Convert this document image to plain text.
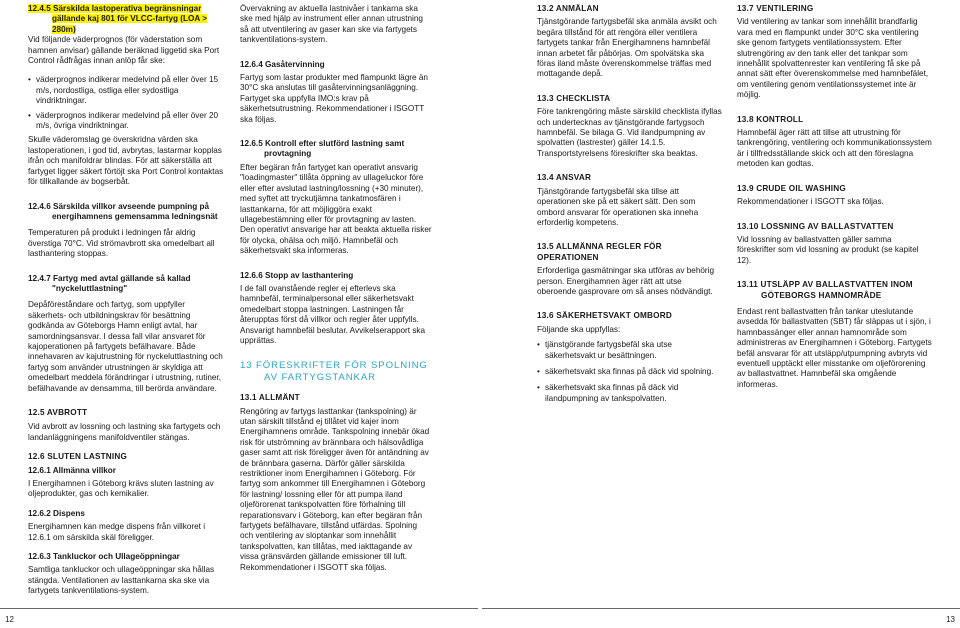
12.4.5 Särskilda lastoperativa begränsningar gällande kaj 801 för VLCC-fartyg (LOA > 280m)

Vid följande väderprognos (för väderstation som hamnen anvisar) gällande beräknad liggetid ska Port Control rådfrågas innan anlöp får ske:

• väderprognos indikerar medelvind på eller över 15 m/s, nordostliga, ostliga eller sydostliga vindriktningar.

• väderprognos indikerar medelvind på eller över 20 m/s, övriga vindriktningar.

Skulle väderomslag ge överskridna värden ska lastoperationen, i god tid, avbrytas, lastarmar kopplas ifrån och manifoldrar blindas. För att säkerställa att fartyget ligger säkert förtöjt ska Port Control kontaktas för tillkallande av bogserbåt.

12.4.6 Särskilda villkor avseende pumpning på energihamnens gemensamma ledningsnät

Temperaturen på produkt i ledningen får aldrig överstiga 70°C. Vid strömavbrott ska omedelbart all lasthantering stoppas.

12.4.7 Fartyg med avtal gällande så kallad "nyckeluttlastning"

Depåföreståndare och fartyg, som uppfyller säkerhets- och utbildningskrav för besättning godkända av Göteborgs Hamn enligt avtal, har samordningsansvar. I dessa fall vilar ansvaret för kajoperationen på fartygets befälhavare. Både innehavaren av kajutrustning för nyckeluttlastning och fartyg som använder utrustningen är skyldiga att omedelbart meddela förändringar i utrustning, rutiner, befälhavande av densamma, till berörda användare.

12.5 AVBROTT

Vid avbrott av lossning och lastning ska fartygets och landanläggningens manifoldventiler stängas.

12.6 SLUTEN LASTNING

12.6.1 Allmänna villkor

I Energihamnen i Göteborg krävs sluten lastning av oljeprodukter, gas och kemikalier.

12.6.2 Dispens

Energihamnen kan medge dispens från villkoret i 12.6.1 om särskilda skäl föreligger.

12.6.3 Tankluckor och Ullageöppningar

Samtliga tankluckor och ullageöppningar ska hållas stängda. Ventilationen av lasttankarna ska ske via fartygets tankventilations-system.

Övervakning av aktuella lastnivåer i tankarna ska ske med hjälp av instrument eller annan utrustning så att utventilering av gaser kan ske via fartygets tankventilations-system.

12.6.4 Gasåtervinning

Fartyg som lastar produkter med flampunkt lägre än 30°C ska anslutas till gasåtervinningsanläggning. Fartyget ska uppfylla IMO:s krav på säkerhetsutrustning. Rekommendationer i ISGOTT ska följas.

12.6.5 Kontroll efter slutförd lastning samt provtagning

Efter begäran från fartyget kan operativt ansvarig "loadingmaster" tillåta öppning av ullageluckor före eller efter avslutad lastning/lossning (+30 minuter), med syftet att tryckutjämna tankatmosfären i lasttankarna, för att möjliggöra exakt ullagebestämning eller för provtagning av lasten. Den operativt ansvarige har att beakta aktuella risker för olycka, ohälsa och miljö. Hamnbefäl och säkerhetsvakt ska informeras.

12.6.6 Stopp av lasthantering

I de fall ovanstående regler ej efterlevs ska hamnbefäl, terminalpersonal eller säkerhetsvakt omedelbart stoppa lastningen. Lastningen får återupptas först då villkor och regler åter uppfylls. Ansvarigt hamnbefäl beslutar. Avvikelserapport ska upprättas.

13 FÖRESKRIFTER FÖR SPOLNING AV FARTYGSTANKAR

13.1 ALLMÄNT

Rengöring av fartygs lasttankar (tankspolning) är utan särskilt tillstånd ej tillåtet vid kajer inom Energihamnens område. Tankspolning innebär ökad risk för utströmning av brännbara och hälsovådliga gaser samt att risk föreligger även för antändning av de brännbara gaserna. Därför gäller särskilda restriktioner inom Energihamnen i Göteborg. För fartyg som ankommer till Energihamnen i Göteborg för lastning/ lossning eller för att pumpa iland oljeförorenat tankspolvatten före förhalning till reparationsvarv i Göteborg, kan efter begäran från fartygets befälhavare, tillstånd utfärdas. Spolning och ventilering av sloptankar som innehållit tankspolvatten, kan tillåtas, med iakttagande av vissa gränsvärden gällande emissioner till luft. Rekommendationer i ISGOTT ska följas.

13.2 ANMÄLAN

Tjänstgörande fartygsbefäl ska anmäla avsikt och begära tillstånd för att rengöra eller ventilera fartygets tankar från Energihamnens hamnbefäl innan arbetet får påbörjas. Om spolvätska ska föras iland måste överenskommelse träffas med mottagande depå.

13.3 CHECKLISTA

Före tankrengöring måste särskild checklista ifyllas och undertecknas av tjänstgörande fartygsoch hamnbefäl. Se bilaga G. Vid ilandpumpning av spolvatten (lastrester) gäller 14.1.5. Transportstyrelsens föreskrifter ska beaktas.

13.4 ANSVAR

Tjänstgörande fartygsbefäl ska tillse att operationen ske på ett säkert sätt. Den som ombord ansvarar för operationen ska inneha erforderlig kompetens.

13.5 ALLMÄNNA REGLER FÖR OPERATIONEN

Erforderliga gasmätningar ska utföras av behörig person. Energihamnen äger rätt att utse oberoende gasprovare om så anses nödvändigt.

13.6 SÄKERHETSVAKT OMBORD

Följande ska uppfyllas:

• tjänstgörande fartygsbefäl ska utse säkerhetsvakt ur besättningen.

• säkerhetsvakt ska finnas på däck vid spolning.

• säkerhetsvakt ska finnas på däck vid ilandpumpning av tankspolvatten.

13.7 VENTILERING

Vid ventilering av tankar som innehållit brandfarlig vara med en flampunkt under 30°C ska ventilering ske genom fartygets ventilationssystem. Efter slutrengöring av den tank eller det tankpar som innehållit spolvattenrester kan ventilering få ske på annat sätt efter överenskommelse med hamnbefälet, om ventilering genom ventilationssystemet inte är möjlig.

13.8 KONTROLL

Hamnbefäl äger rätt att tillse att utrustning för tankrengöring, ventilering och kommunikationssystem är i tillfredsställande skick och att den föreslagna metoden kan godtas.

13.9 CRUDE OIL WASHING

Rekommendationer i ISGOTT ska följas.

13.10 LOSSNING AV BALLASTVATTEN

Vid lossning av ballastvatten gäller samma föreskrifter som vid lossning av produkt (se kapitel 12).

13.11 UTSLÄPP AV BALLASTVATTEN INOM GÖTEBORGS HAMNOMRÅDE

Endast rent ballastvatten från tankar uteslutande avsedda för ballastvatten (SBT) får släppas ut i sjön, i hamnbassänger eller annan hamnområde som administreras av Energihamnen i Göteborg. Fartygets befäl ansvarar för att utsläpp/utpumpning avbryts vid eventuell upptäckt eller misstanke om oljeförorening av ballastvattnet. Hamnbefäl ska omgående informeras.

12	13
